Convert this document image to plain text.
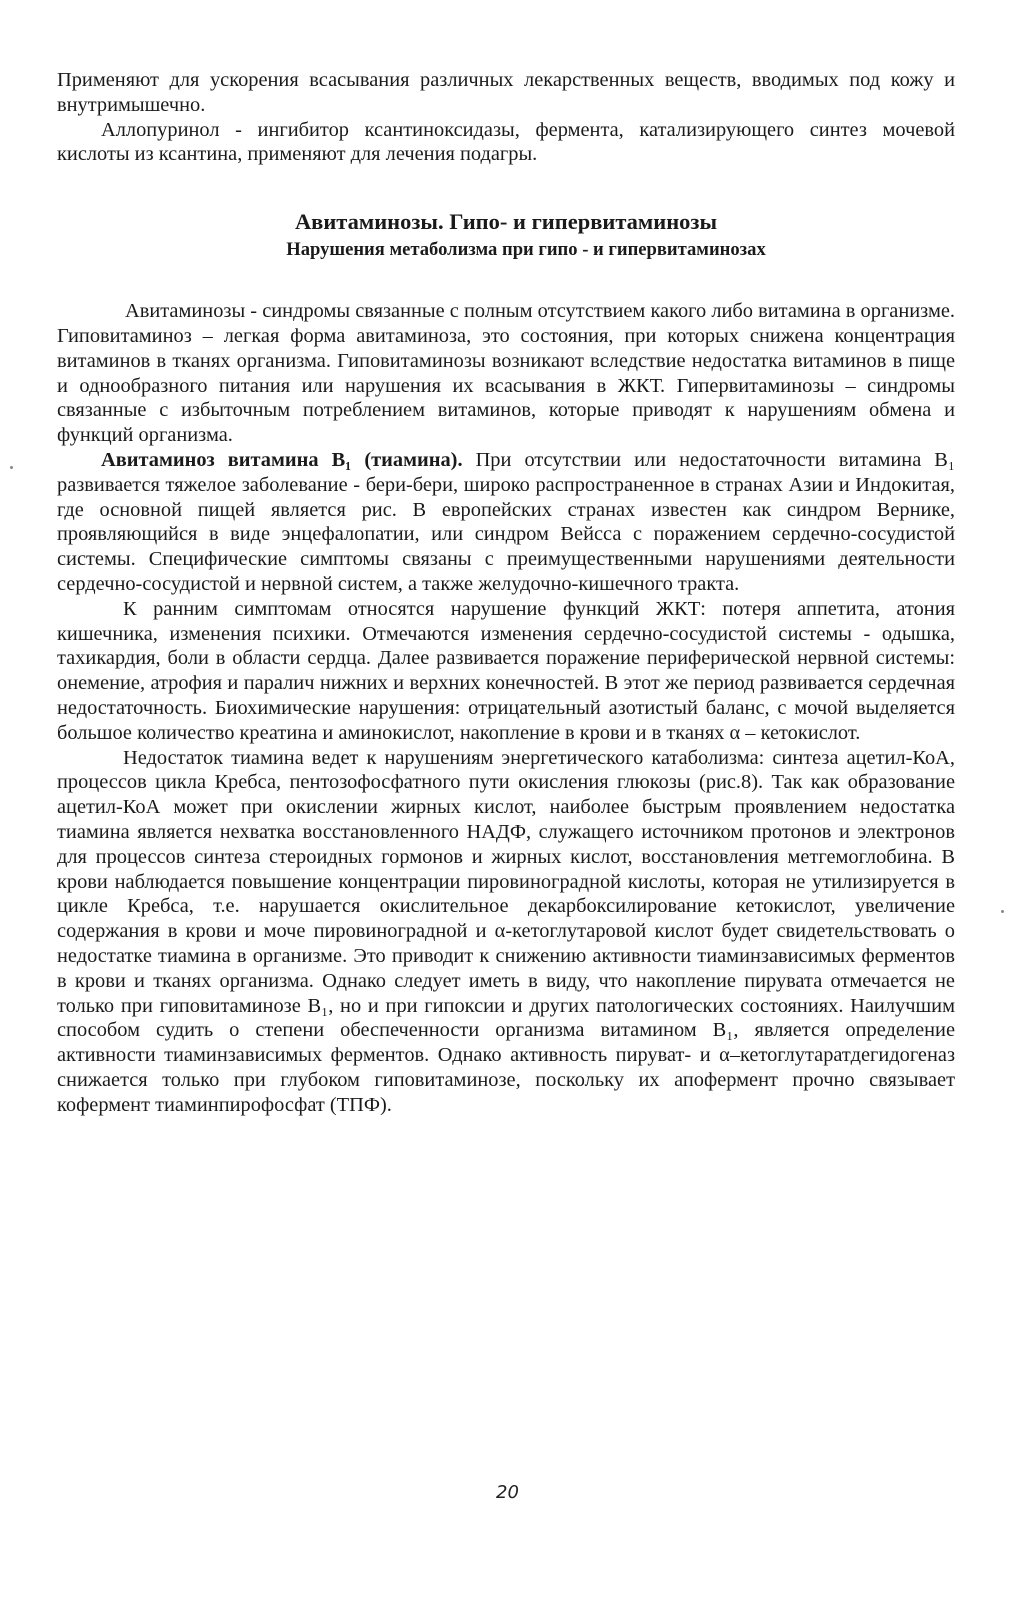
Применяют для ускорения всасывания различных лекарственных веществ, вводимых под кожу и внутримышечно.

Аллопуринол - ингибитор ксантиноксидазы, фермента, катализирующего синтез мочевой кислоты из ксантина, применяют для лечения подагры.

Авитаминозы. Гипо- и гипервитаминозы
Нарушения метаболизма при гипо - и гипервитаминозах

Авитаминозы - синдромы связанные с полным отсутствием какого либо витамина в организме. Гиповитаминоз – легкая форма авитаминоза, это состояния, при которых снижена концентрация витаминов в тканях организма. Гиповитаминозы возникают вследствие недостатка витаминов в пище и однообразного питания или нарушения их всасывания в ЖКТ. Гипервитаминозы – синдромы связанные с избыточным потреблением витаминов, которые приводят к нарушениям обмена и функций организма.

Авитаминоз витамина В₁ (тиамина). При отсутствии или недостаточности витамина В₁ развивается тяжелое заболевание - бери-бери, широко распространенное в странах Азии и Индокитая, где основной пищей является рис. В европейских странах известен как синдром Вернике, проявляющийся в виде энцефалопатии, или синдром Вейсса с поражением сердечно-сосудистой системы. Специфические симптомы связаны с преимущественными нарушениями деятельности сердечно-сосудистой и нервной систем, а также желудочно-кишечного тракта.

К ранним симптомам относятся нарушение функций ЖКТ: потеря аппетита, атония кишечника, изменения психики. Отмечаются изменения сердечно-сосудистой системы - одышка, тахикардия, боли в области сердца. Далее развивается поражение периферической нервной системы: онемение, атрофия и паралич нижних и верхних конечностей. В этот же период развивается сердечная недостаточность. Биохимические нарушения: отрицательный азотистый баланс, с мочой выделяется большое количество креатина и аминокислот, накопление в крови и в тканях α – кетокислот.

Недостаток тиамина ведет к нарушениям энергетического катаболизма: синтеза ацетил-КоА, процессов цикла Кребса, пентозофосфатного пути окисления глюкозы (рис.8). Так как образование ацетил-КоА может при окислении жирных кислот, наиболее быстрым проявлением недостатка тиамина является нехватка восстановленного НАДФ, служащего источником протонов и электронов для процессов синтеза стероидных гормонов и жирных кислот, восстановления метгемоглобина. В крови наблюдается повышение концентрации пировиноградной кислоты, которая не утилизируется в цикле Кребса, т.е. нарушается окислительное декарбоксилирование кетокислот, увеличение содержания в крови и моче пировиноградной и α-кетоглутаровой кислот будет свидетельствовать о недостатке тиамина в организме. Это приводит к снижению активности тиаминзависимых ферментов в крови и тканях организма. Однако следует иметь в виду, что накопление пирувата отмечается не только при гиповитаминозе В₁, но и при гипоксии и других патологических состояниях. Наилучшим способом судить о степени обеспеченности организма витамином В₁, является определение активности тиаминзависимых ферментов. Однако активность пируват- и α–кетоглутаратдегидогеназ снижается только при глубоком гиповитаминозе, поскольку их апофермент прочно связывает кофермент тиаминпирофосфат (ТПФ).

20
